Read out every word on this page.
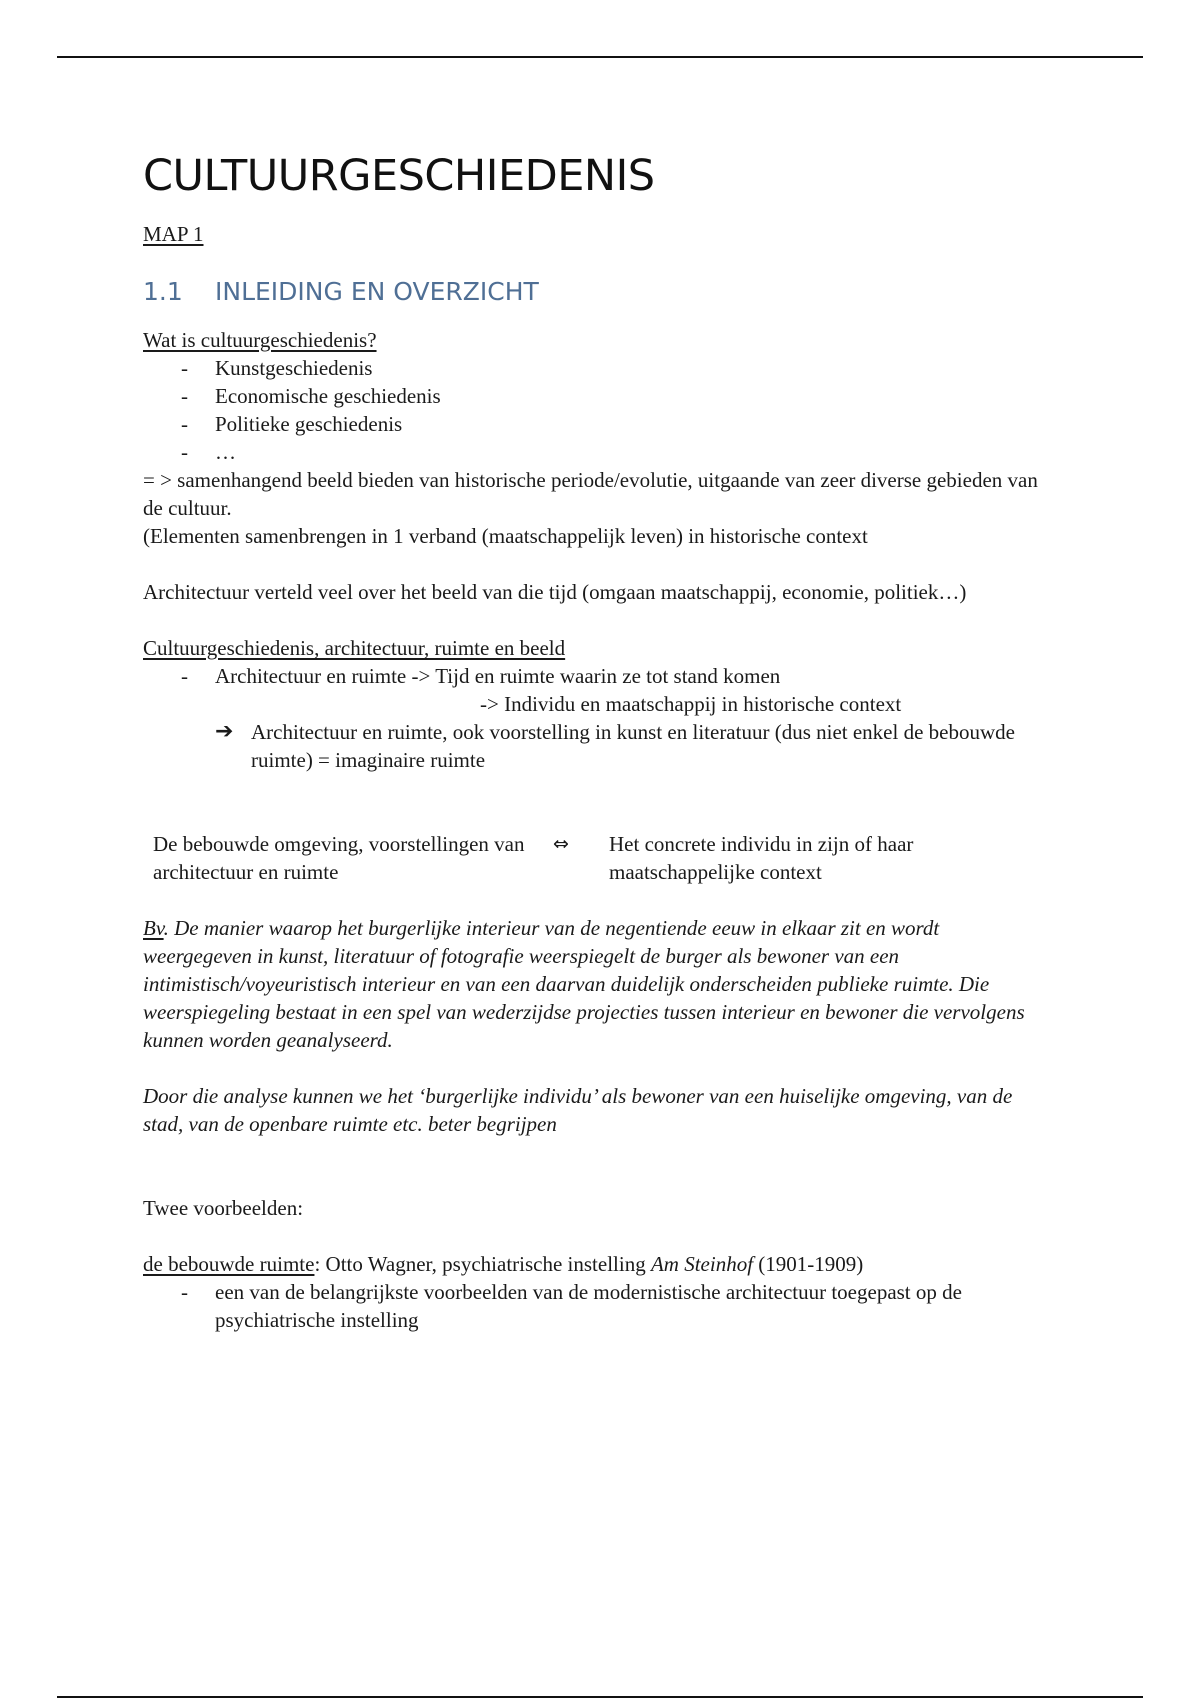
CULTUURGESCHIEDENIS
MAP 1
1.1 INLEIDING EN OVERZICHT
Wat is cultuurgeschiedenis?
- Kunstgeschiedenis
- Economische geschiedenis
- Politieke geschiedenis
- …
= > samenhangend beeld bieden van historische periode/evolutie, uitgaande van zeer diverse gebieden van de cultuur.
(Elementen samenbrengen in 1 verband (maatschappelijk leven) in historische context
Architectuur verteld veel over het beeld van die tijd (omgaan maatschappij, economie, politiek…)
Cultuurgeschiedenis, architectuur, ruimte en beeld
- Architectuur en ruimte -> Tijd en ruimte waarin ze tot stand komen
-> Individu en maatschappij in historische context
➔ Architectuur en ruimte, ook voorstelling in kunst en literatuur (dus niet enkel de bebouwde ruimte) = imaginaire ruimte
De bebouwde omgeving, voorstellingen van architectuur en ruimte
⇔ Het concrete individu in zijn of haar maatschappelijke context
Bv. De manier waarop het burgerlijke interieur van de negentiende eeuw in elkaar zit en wordt weergegeven in kunst, literatuur of fotografie weerspiegelt de burger als bewoner van een intimistisch/voyeuristisch interieur en van een daarvan duidelijk onderscheiden publieke ruimte. Die weerspiegeling bestaat in een spel van wederzijdse projecties tussen interieur en bewoner die vervolgens kunnen worden geanalyseerd.
Door die analyse kunnen we het ‘burgerlijke individu’ als bewoner van een huiselijke omgeving, van de stad, van de openbare ruimte etc. beter begrijpen
Twee voorbeelden:
de bebouwde ruimte: Otto Wagner, psychiatrische instelling Am Steinhof (1901-1909)
- een van de belangrijkste voorbeelden van de modernistische architectuur toegepast op de psychiatrische instelling
